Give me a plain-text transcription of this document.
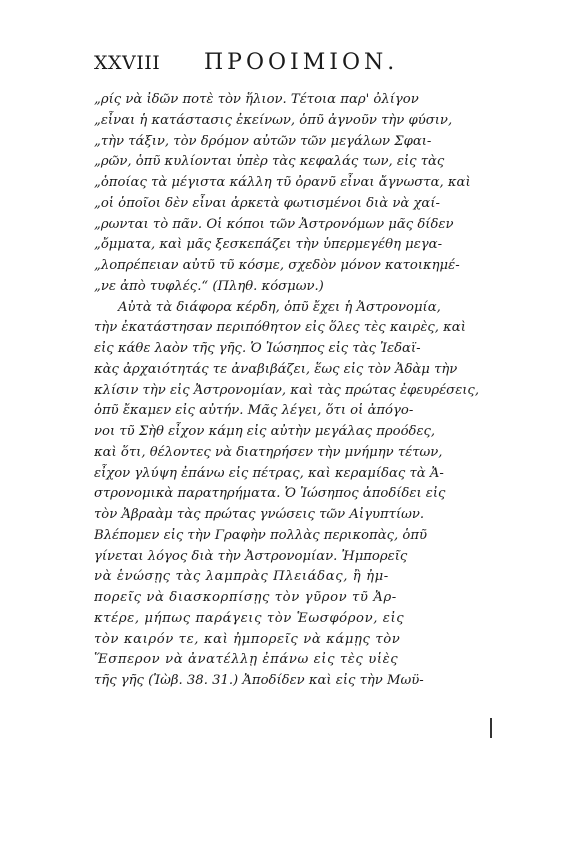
XXVIII ΠΡΟΟΙΜΙΟΝ.
„ρίς νὰ ἰδῶν ποτὲ τὸν ἥλιον. Τέτοια παρ' ὀλίγον
„εἶναι ἡ κατάστασις ἐκείνων, ὁπῦ ἀγνοῦν τὴν φύσιν,
„τὴν τάξιν, τὸν δρόμον αὐτῶν τῶν μεγάλων Σφαι-
„ρῶν, ὁπῦ κυλίονται ὑπὲρ τὰς κεφαλάς των, εἰς τὰς
„ὁποίας τὰ μέγιστα κάλλη τῦ ὀρανῦ εἶναι ἄγνωστα, καὶ
„οἱ ὁποῖοι δὲν εἶναι ἀρκετὰ φωτισμένοι διὰ νὰ χαί-
„ρωνται τὸ πᾶν. Οἱ κόποι τῶν Ἀστρονόμων μᾶς δίδεν
„ὄμματα, καὶ μᾶς ξεσκεπάζει τὴν ὑπερμεγέθη μεγα-
„λοπρέπειαν αὐτῦ τῦ κόσμε, σχεδὸν μόνον κατοικημέ-
„νε ἀπὸ τυφλές.“ (Πληθ. κόσμων.)
Αὐτὰ τὰ διάφορα κέρδη, ὁπῦ ἔχει ἡ Ἀστρονομία,
τὴν ἐκατάστησαν περιπόθητον εἰς ὅλες τὲς καιρὲς, καὶ
εἰς κάθε λαὸν τῆς γῆς. Ὁ Ἰώσηπος εἰς τὰς Ἰεδαϊ-
κὰς ἀρχαιότητάς τε ἀναβιβάζει, ἕως εἰς τὸν Ἀδὰμ τὴν
κλίσιν τὴν εἰς Ἀστρονομίαν, καὶ τὰς πρώτας ἐφευρέσεις,
ὁπῦ ἔκαμεν εἰς αὐτήν. Μᾶς λέγει, ὅτι οἱ ἀπόγο-
νοι τῦ Σὴθ εἶχον κάμη εἰς αὐτὴν μεγάλας προόδες,
καὶ ὅτι, θέλοντες νὰ διατηρήσεν τὴν μνήμην τέτων,
εἶχον γλύψη ἐπάνω εἰς πέτρας, καὶ κεραμίδας τὰ Ἀ-
στρονομικὰ παρατηρήματα. Ὁ Ἰώσηπος ἀποδίδει εἰς
τὸν Ἀβραὰμ τὰς πρώτας γνώσεις τῶν Αἰγυπτίων.
Βλέπομεν εἰς τὴν Γραφὴν πολλὰς περικοπὰς, ὁπῦ
γίνεται λόγος διὰ τὴν Ἀστρονομίαν. Ἠμπορεῖς
νὰ ἑνώσῃς τὰς λαμπρὰς Πλειάδας, ἢ ἠμ-
πορεῖς νὰ διασκορπίσῃς τὸν γῦρον τῦ Ἀρ-
κτέρε, μήπως παράγεις τὸν Ἑωσφόρον, εἰς
τὸν καιρόν τε, καὶ ἠμπορεῖς νὰ κάμῃς τὸν
Ἕσπερον νὰ ἀνατέλλῃ ἐπάνω εἰς τὲς υἱὲς
τῆς γῆς (Ἰὼβ. 38. 31.) Ἀποδίδεν καὶ εἰς τὴν Μωϋ-
